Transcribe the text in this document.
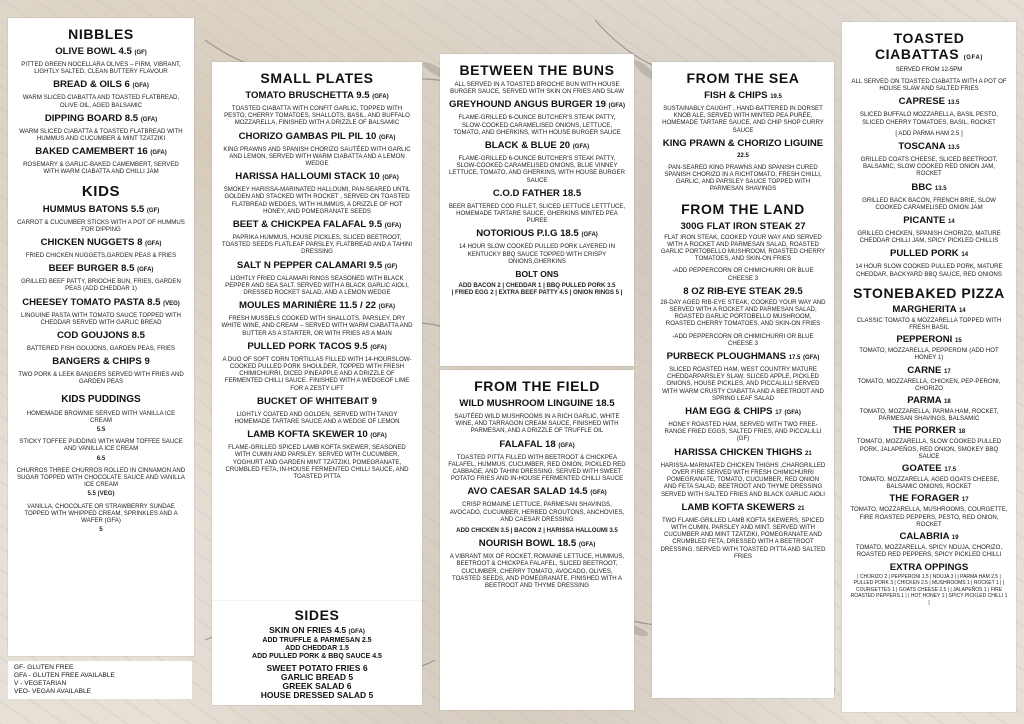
NIBBLES
OLIVE BOWL 4.5 (GF)
PITTED GREEN NOCELLARA OLIVES – FIRM, VIBRANT, LIGHTLY SALTED, CLEAN BUTTERY FLAVOUR
BREAD & OILS 6 (GFA)
WARM SLICED CIABATTA AND TOASTED FLATBREAD, OLIVE OIL, AGED BALSAMIC
DIPPING BOARD 8.5 (GFA)
WARM SLICED CIABATTA & TOASTED FLATBREAD WITH HUMMUS AND CUCUMBER & MINT TZATZIKI
BAKED CAMEMBERT 16 (GFA)
ROSEMARY & GARLIC-BAKED CAMEMBERT, SERVED WITH WARM CIABATTA AND CHILLI JAM
KIDS
HUMMUS BATONS 5.5 (GF)
CARROT & CUCUMBER STICKS WITH A POT OF HUMMUS FOR DIPPING
CHICKEN NUGGETS 8 (GFA)
FRIED CHICKEN NUGGETS,GARDEN PEAS & FRIES
BEEF BURGER 8.5 (GFA)
GRILLED BEEF PATTY, BRIOCHE BUN, FRIES, GARDEN PEAS (ADD CHEDDAR 1)
CHEESEY TOMATO PASTA 8.5 (VEG)
LINGUINE PASTA WITH TOMATO SAUCE TOPPED WITH CHEDDAR SERVED WITH GARLIC BREAD
COD GOUJONS 8.5
BATTERED FISH GOUJONS, GARDEN PEAS, FRIES
BANGERS & CHIPS 9
TWO PORK & LEEK BANGERS SERVED WITH FRIES AND GARDEN PEAS
KIDS PUDDINGS
HOMEMADE BROWNIE SERVED WITH VANILLA ICE CREAM
5.5
STICKY TOFFEE PUDDING WITH WARM TOFFEE SAUCE AND VANILLA ICE CREAM
6.5
CHURROS THREE CHURROS ROLLED IN CINNAMON AND SUGAR TOPPED WITH CHOCOLATE SAUCE AND VANILLA ICE CREAM
5.5 (VEG)
VANILLA, CHOCOLATE OR STRAWBERRY SUNDAE TOPPED WITH WHIPPED CREAM, SPRINKLES AND A WAFER (GFA)
5
GF- GLUTEN FREE
GFA - GLUTEN FREE AVAILABLE
V - VEGETARIAN
VEO- VEGAN AVAILABLE
SMALL PLATES
TOMATO BRUSCHETTA 9.5 (GFA)
TOASTED CIABATTA WITH CONFIT GARLIC, TOPPED WITH PESTO, CHERRY TOMATOES, SHALLOTS, BASIL, AND BUFFALO MOZZARELLA, FINISHED WITH A DRIZZLE OF BALSAMIC
CHORIZO GAMBAS PIL PIL 10 (GFA)
KING PRAWNS AND SPANISH CHORIZO SAUTÉED WITH GARLIC AND LEMON, SERVED WITH WARM CIABATTA AND A LEMON WEDGE
HARISSA HALLOUMI STACK 10 (GFA)
SMOKEY HARISSA-MARINATED HALLOUMI, PAN-SEARED UNTIL GOLDEN AND STACKED WITH ROCKET , SERVED ON TOASTED FLATBREAD WEDGES, WITH HUMMUS, A DRIZZLE OF HOT HONEY, AND POMEGRANATE SEEDS
BEET & CHICKPEA FALAFAL 9.5 (GFA)
PAPRIKA HUMMUS, HOUSE PICKLES, SLICED BEETROOT, TOASTED SEEDS FLATLEAF PARSLEY, FLATBREAD AND A TAHINI DRESSING
SALT N PEPPER CALAMARI 9.5 (GF)
LIGHTLY FRIED CALAMARI RINGS SEASONED WITH BLACK PEPPER AND SEA SALT. SERVED WITH A BLACK GARLIC AIOLI, DRESSED ROCKET SALAD, AND A LEMON WEDGE
MOULES MARINIÈRE 11.5 / 22 (GFA)
FRESH MUSSELS COOKED WITH SHALLOTS, PARSLEY, DRY WHITE WINE, AND CREAM – SERVED WITH WARM CIABATTA AND BUTTER AS A STARTER, OR WITH FRIES AS A MAIN
PULLED PORK TACOS 9.5 (GFA)
A DUO OF SOFT CORN TORTILLAS FILLED WITH 14-HOURSLOW-COOKED PULLED PORK SHOULDER, TOPPED WITH FRESH CHIMICHURRI, DICED PINEAPPLE AND A DRIZZLE OF FERMENTED CHILLI SAUCE. FINISHED WITH A WEDGEOF LIME FOR A ZESTY LIFT
BUCKET OF WHITEBAIT 9
LIGHTLY COATED AND GOLDEN, SERVED WITH TANGY HOMEMADE TARTARE SAUCE AND A WEDGE OF LEMON
LAMB KOFTA SKEWER 10 (GFA)
FLAME-GRILLED SPICED LAMB KOFTA SKEWER, SEASONED WITH CUMIN AND PARSLEY. SERVED WITH CUCUMBER, YOGHURT AND GARDEN MINT TZATZIKI, POMEGRANATE, CRUMBLED FETA, IN-HOUSE FERMENTED CHILLI SAUCE, AND TOASTED PITTA
SIDES
SKIN ON FRIES 4.5 (GFA)
ADD TRUFFLE & PARMESAN 2.5
ADD CHEDDAR 1.5
ADD PULLED PORK & BBQ SAUCE 4.5
SWEET POTATO FRIES 6
GARLIC BREAD 5
GREEK SALAD 6
HOUSE DRESSED SALAD 5
BETWEEN THE BUNS
ALL SERVED IN A TOASTED BRIOCHE BUN WITH HOUSE BURGER SAUCE, SERVED WITH SKIN ON FRIES AND SLAW
GREYHOUND ANGUS BURGER 19 (GFA)
FLAME-GRILLED 6-OUNCE BUTCHER'S STEAK PATTY, SLOW-COOKED CARAMELISED ONIONS, LETTUCE, TOMATO, AND GHERKINS, WITH HOUSE BURGER SAUCE
BLACK & BLUE 20 (GFA)
FLAME-GRILLED 6-OUNCE BUTCHER'S STEAK PATTY, SLOW-COOKED CARAMELISED ONIONS, BLUE VINNEY LETTUCE, TOMATO, AND GHERKINS, WITH HOUSE BURGER SAUCE
C.O.D FATHER 18.5
BEER BATTERED COD FILLET, SLICED LETTUCE LETTTUCE, HOMEMADE TARTARE SAUCE, GHERKINS MINTED PEA PUREE
NOTORIOUS P.I.G 18.5 (GFA)
14 HOUR SLOW COOKED PULLED PORK LAYERED IN KENTUCKY BBQ SAUCE TOPPED WITH CRISPY ONIONS,GHERKINS
BOLT ONS
ADD BACON 2 | CHEDDAR 1 | BBQ PULLED PORK 3.5
| FRIED EGG 2 | EXTRA BEEF PATTY 4.5 | ONION RINGS 5 |
FROM THE FIELD
WILD MUSHROOM LINGUINE 18.5
SAUTÉED WILD MUSHROOMS IN A RICH GARLIC, WHITE WINE, AND TARRAGON CREAM SAUCE, FINISHED WITH PARMESAN, AND A DRIZZLE OF TRUFFLE OIL
FALAFAL 18 (GFA)
TOASTED PITTA FILLED WITH BEETROOT & CHICKPEA FALAFEL, HUMMUS, CUCUMBER, RED ONION, PICKLED RED CABBAGE, AND TAHINI DRESSING. SERVED WITH SWEET POTATO FRIES AND IN-HOUSE FERMENTED CHILLI SAUCE
AVO CAESAR SALAD 14.5 (GFA)
CRISP ROMAINE LETTUCE, PARMESAN SHAVINGS, AVOCADO, CUCUMBER, HERBED CROUTONS, ANCHOVIES, AND CAESAR DRESSING
ADD CHICKEN 3.5 | BACON 2 | HARISSA HALLOUMI 3.5
NOURISH BOWL 18.5 (GFA)
A VIBRANT MIX OF ROCKET, ROMAINE LETTUCE, HUMMUS, BEETROOT & CHICKPEA FALAFEL, SLICED BEETROOT, CUCUMBER, CHERRY TOMATO, AVOCADO, OLIVES, TOASTED SEEDS, AND POMEGRANATE. FINISHED WITH A BEETROOT AND THYME DRESSING
FROM THE SEA
FISH & CHIPS 19.5
SUSTAINABLY CAUGHT , HAND-BATTERED IN DORSET KNOB ALE, SERVED WITH MINTED PEA PURÉE, HOMEMADE TARTARE SAUCE, AND CHIP SHOP CURRY SAUCE
KING PRAWN & CHORIZO LIGUINE 22.5
PAN-SEARED KING PRAWNS AND SPANISH CURED SPANISH CHORIZO IN A RICHTOMATO, FRESH CHILLI, GARLIC, AND PARSLEY SAUCE TOPPED WITH PARMESAN SHAVINGS
FROM THE LAND
300G FLAT IRON STEAK 27
FLAT IRON STEAK, COOKED YOUR WAY AND SERVED WITH A ROCKET AND PARMESAN SALAD, ROASTED GARLIC PORTOBELLO MUSHROOM, ROASTED CHERRY TOMATOES, AND SKIN-ON FRIES
-ADD PEPPERCORN OR CHIMICHURRI OR BLUE CHEESE 3
8 OZ RIB-EYE STEAK 29.5
28-DAY AGED RIB-EYE STEAK, COOKED YOUR WAY AND SERVED WITH A ROCKET AND PARMESAN SALAD, ROASTED GARLIC PORTOBELLO MUSHROOM, ROASTED CHERRY TOMATOES, AND SKIN-ON FRIES
-ADD PEPPERCORN OR CHIMICHURRI OR BLUE CHEESE 3
PURBECK PLOUGHMANS 17.5 (GFA)
SLICED ROASTED HAM, WEST COUNTRY MATURE CHEDDARPARSLEY SLAW, SLICED APPLE, PICKLED ONIONS, HOUSE PICKLES, AND PICCALILLI SERVED WITH WARM CRUSTY CIABATTA AND A BEETROOT AND SPRING LEAF SALAD
HAM EGG & CHIPS 17 (GFA)
HONEY ROASTED HAM, SERVED WITH TWO FREE-RANGE FRIED EGGS, SALTED FRIES, AND PICCALILLI (GF)
HARISSA CHICKEN THIGHS 21
HARISSA-MARINATED CHICKEN THIGHS ,CHARGRILLED OVER FIRE SERVED WITH FRESH CHIMICHURRI POMEGRANATE, TOMATO, CUCUMBER, RED ONION AND FETA SALAD, BEETROOT AND THYME DRESSING SERVED WITH SALTED FRIES AND BLACK GARLIC AIOLI
LAMB KOFTA SKEWERS 21
TWO FLAME-GRILLED LAMB KOFTA SKEWERS, SPICED WITH CUMIN, PARSLEY AND MINT. SERVED WITH CUCUMBER AND MINT TZATZIKI, POMEGRANATE AND CRUMBLED FETA, DRESSED WITH A BEETROOT DRESSING. SERVED WITH TOASTED PITTA AND SALTED FRIES
TOASTED CIABATTAS (GFA)
SERVED FROM 12-5PM
ALL SERVED ON TOASTED CIABATTA WITH A POT OF HOUSE SLAW AND SALTED FRIES
CAPRESE 13.5
SLICED BUFFALO MOZZARELLA, BASIL PESTO, SLICED CHERRY TOMATOES, BASIL, ROCKET
[ ADD PARMA HAM 2.5 ]
TOSCANA 13.5
GRILLED COATS CHEESE, SLICED BEETROOT, BALSAMIC, SLOW COOKED RED ONION JAM, ROCKET
BBC 13.5
GRILLED BACK BACON, FRENCH BRIE, SLOW COOKED CARAMELISED ONION JAM
PICANTE 14
GRILLED CHICKEN, SPANISH CHORIZO, MATURE CHEDDAR CHILLI JAM, SPICY PICKLED CHILLIS
PULLED PORK 14
14 HOUR SLOW COOKED PULLED PORK, MATURE CHEDDAR, BACKYARD BBQ SAUCE, RED ONIONS
STONEBAKED PIZZA
MARGHERITA 14
CLASSIC TOMATO & MOZZARELLA TOPPED WITH FRESH BASIL
PEPPERONI 15
TOMATO, MOZZARELLA, PEPPERONI (ADD HOT HONEY 1)
CARNE 17
TOMATO, MOZZARELLA, CHICKEN, PEP-PERONI, CHORIZO
PARMA 18
TOMATO, MOZZARELLA, PARMA HAM, ROCKET, PARMESAN SHAVINGS, BALSAMIC
THE PORKER 18
TOMATO, MOZZARELLA, SLOW COOKED PULLED PORK, JALAPEÑOS, RED ONION, SMOKEY BBQ SAUCE
GOATEE 17.5
TOMATO, MOZZARELLA, AGED GOATS CHEESE, BALSAMIC ONIONS, ROCKET
THE FORAGER 17
TOMATO, MOZZARELLA, MUSHROOMS, COURGETTE, FIRE ROASTED PEPPERS, PESTO, RED ONION, ROCKET
CALABRIA 19
TOMATO, MOZZARELLA, SPICY NDUJA, CHORIZO, ROASTED RED PEPPERS, SPICY PICKLED CHILLI
EXTRA OPPINGS
| CHORIZO 2 | PEPPERONI 1.5 | NDUJA 3 | | PARMA HAM 2.5 | PULLED PORK 3 | CHICKEN 2.5 | MUSHROOMS 1 | ROCKET 1 | | COURGETTES 1 | GOATS CHEESE 2.5 | | JALAPEÑOS 1 | FIRE ROASTED PEPPERS 1 | | HOT HONEY 1 | SPICY PICKLED CHILLI 1 |
